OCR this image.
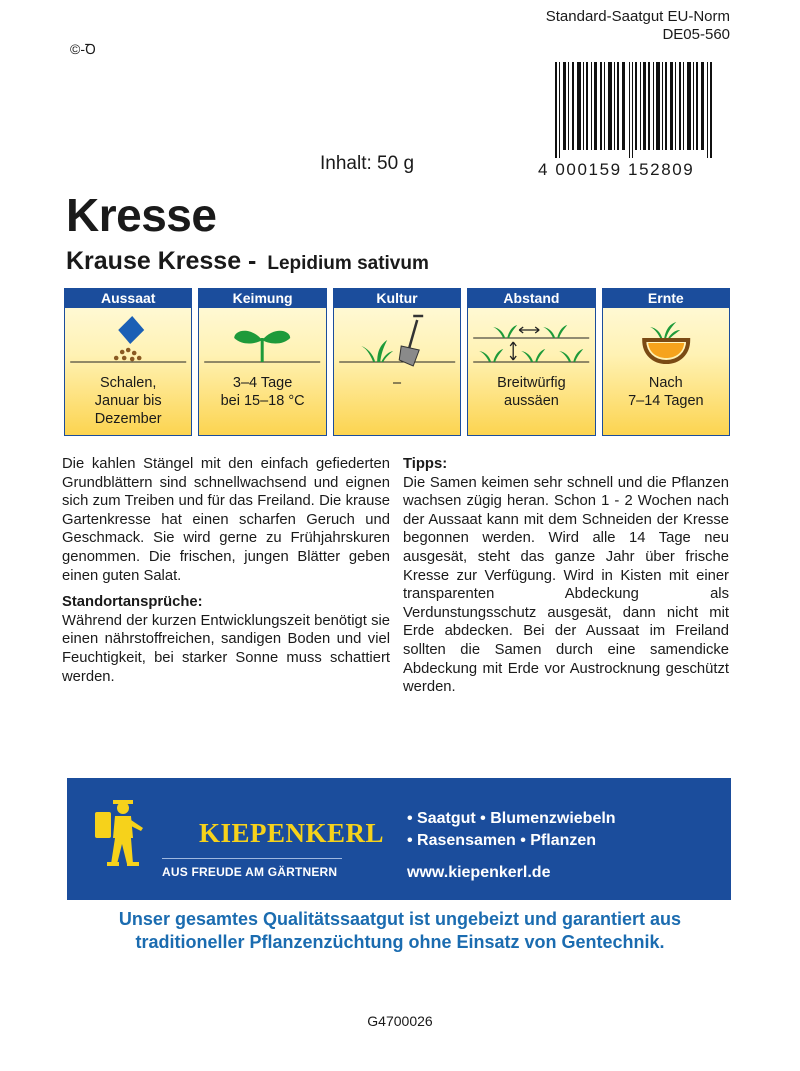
Standard-Saatgut EU-Norm
DE05-560
©-Ꝺ
4 000159 152809
Inhalt: 50 g
Kresse
Krause Kresse - Lepidium sativum
Aussaat
Schalen,
Januar bis
Dezember
Keimung
3–4 Tage
bei 15–18 °C
Kultur
–
Abstand
Breitwürfig
aussäen
Ernte
Nach
7–14 Tagen

Die kahlen Stängel mit den einfach gefiederten Grundblättern sind schnellwachsend und eignen sich zum Treiben und für das Freiland. Die krause Gartenkresse hat einen scharfen Geruch und Geschmack. Sie wird gerne zu Frühjahrskuren genommen. Die frischen, jungen Blätter geben einen guten Salat.

Standortansprüche:

Während der kurzen Entwicklungszeit benötigt sie einen nährstoffreichen, sandigen Boden und viel Feuchtigkeit, bei starker Sonne muss schattiert werden.

Tipps:

Die Samen keimen sehr schnell und die Pflanzen wachsen zügig heran. Schon 1 - 2 Wochen nach der Aussaat kann mit dem Schneiden der Kresse begonnen werden. Wird alle 14 Tage neu ausgesät, steht das ganze Jahr über frische Kresse zur Verfügung. Wird in Kisten mit einer transparenten Abdeckung als Verdunstungsschutz ausgesät, dann nicht mit Erde abdecken. Bei der Aussaat im Freiland sollten die Samen durch eine samendicke Abdeckung mit Erde vor Austrocknung geschützt werden.

KIEPENKERL
AUS FREUDE AM GÄRTNERN
• Saatgut • Blumenzwiebeln
• Rasensamen • Pflanzen
www.kiepenkerl.de
Unser gesamtes Qualitätssaatgut ist ungebeizt und garantiert aus
traditioneller Pflanzenzüchtung ohne Einsatz von Gentechnik.
G4700026
